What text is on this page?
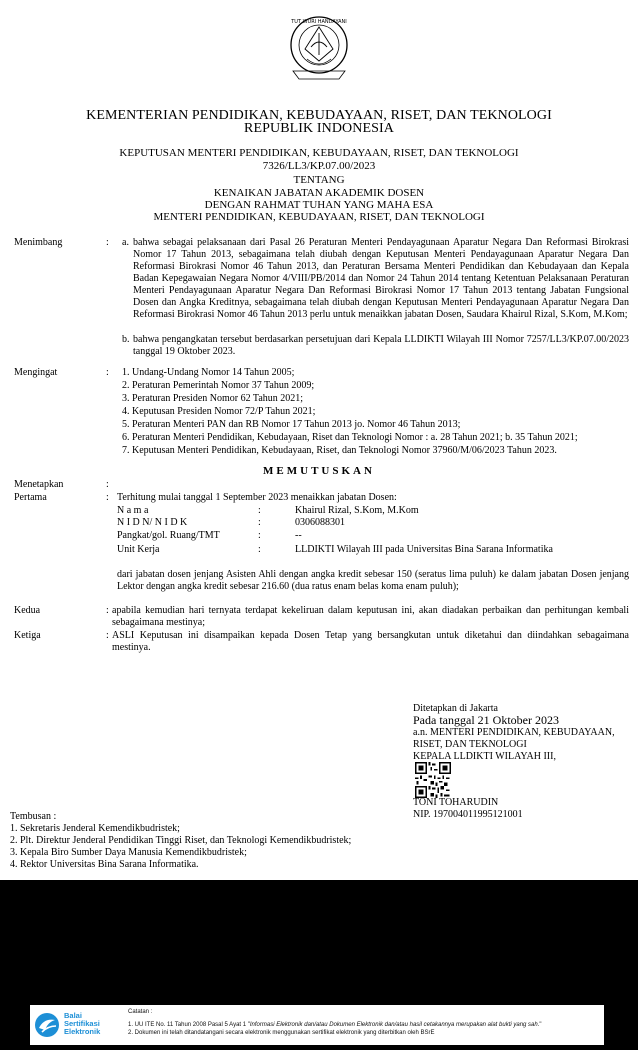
TUT WURI HANDAYANI
KEMENTERIAN PENDIDIKAN, KEBUDAYAAN, RISET, DAN TEKNOLOGI
REPUBLIK INDONESIA
KEPUTUSAN MENTERI PENDIDIKAN, KEBUDAYAAN, RISET, DAN TEKNOLOGI
7326/LL3/KP.07.00/2023
TENTANG
KENAIKAN JABATAN AKADEMIK DOSEN
DENGAN RAHMAT TUHAN YANG MAHA ESA
MENTERI PENDIDIKAN, KEBUDAYAAN, RISET, DAN TEKNOLOGI
Menimbang	: a. bahwa sebagai pelaksanaan dari Pasal 26 Peraturan Menteri Pendayagunaan Aparatur Negara Dan Reformasi Birokrasi Nomor 17 Tahun 2013, sebagaimana telah diubah dengan Keputusan Menteri Pendayagunaan Aparatur Negara Dan Reformasi Birokrasi Nomor 46 Tahun 2013, dan Peraturan Bersama Menteri Pendidikan dan Kebudayaan dan Kepala Badan Kepegawaian Negara Nomor 4/VIII/PB/2014 dan Nomor 24 Tahun 2014 tentang Ketentuan Pelaksanaan Peraturan Menteri Pendayagunaan Aparatur Negara Dan Reformasi Birokrasi Nomor 17 Tahun 2013 tentang Jabatan Fungsional Dosen dan Angka Kreditnya, sebagaimana telah diubah dengan Keputusan Menteri Pendayagunaan Aparatur Negara Dan Reformasi Birokrasi Nomor 46 Tahun 2013 perlu untuk menaikkan jabatan Dosen, Saudara Khairul Rizal, S.Kom, M.Kom;
b. bahwa pengangkatan tersebut berdasarkan persetujuan dari Kepala LLDIKTI Wilayah III Nomor 7257/LL3/KP.07.00/2023 tanggal 19 Oktober 2023.
Mengingat	: 1. Undang-Undang Nomor 14 Tahun 2005;
2. Peraturan Pemerintah Nomor 37 Tahun 2009;
3. Peraturan Presiden Nomor 62 Tahun 2021;
4. Keputusan Presiden Nomor 72/P Tahun 2021;
5. Peraturan Menteri PAN dan RB Nomor 17 Tahun 2013 jo. Nomor 46 Tahun 2013;
6. Peraturan Menteri Pendidikan, Kebudayaan, Riset dan Teknologi Nomor : a. 28 Tahun 2021; b. 35 Tahun 2021;
7. Keputusan Menteri Pendidikan, Kebudayaan, Riset, dan Teknologi Nomor 37960/M/06/2023 Tahun 2023.
MEMUTUSKAN
Menetapkan	:
Pertama	: Terhitung mulai tanggal 1 September 2023 menaikkan jabatan Dosen:
N a m a	:	Khairul Rizal, S.Kom, M.Kom
N I D N/ N I D K	:	0306088301
Pangkat/gol. Ruang/TMT	:	--
Unit Kerja	:	LLDIKTI Wilayah III pada Universitas Bina Sarana Informatika
dari jabatan dosen jenjang Asisten Ahli dengan angka kredit sebesar 150 (seratus lima puluh) ke dalam jabatan Dosen jenjang Lektor dengan angka kredit sebesar 216.60 (dua ratus enam belas koma enam puluh);
Kedua	: apabila kemudian hari ternyata terdapat kekeliruan dalam keputusan ini, akan diadakan perbaikan dan perhitungan kembali sebagaimana mestinya;
Ketiga	: ASLI Keputusan ini disampaikan kepada Dosen Tetap yang bersangkutan untuk diketahui dan diindahkan sebagaimana mestinya.
Ditetapkan di Jakarta
Pada tanggal 21 Oktober 2023
a.n. MENTERI PENDIDIKAN, KEBUDAYAAN,
RISET, DAN TEKNOLOGI
KEPALA LLDIKTI WILAYAH III,
TONI TOHARUDIN
NIP. 197004011995121001
Tembusan :
1. Sekretaris Jenderal Kemendikbudristek;
2. Plt. Direktur Jenderal Pendidikan Tinggi Riset, dan Teknologi Kemendikbudristek;
3. Kepala Biro Sumber Daya Manusia Kemendikbudristek;
4. Rektor Universitas Bina Sarana Informatika.
Balai
Sertifikasi
Elektronik
Catatan :
1. UU ITE No. 11 Tahun 2008 Pasal 5 Ayat 1 "Informasi Elektronik dan/atau Dokumen Elektronik dan/atau hasil cetakannya merupakan alat bukti yang sah."
2. Dokumen ini telah ditandatangani secara elektronik menggunakan sertifikat elektronik yang diterbitkan oleh BSrE
